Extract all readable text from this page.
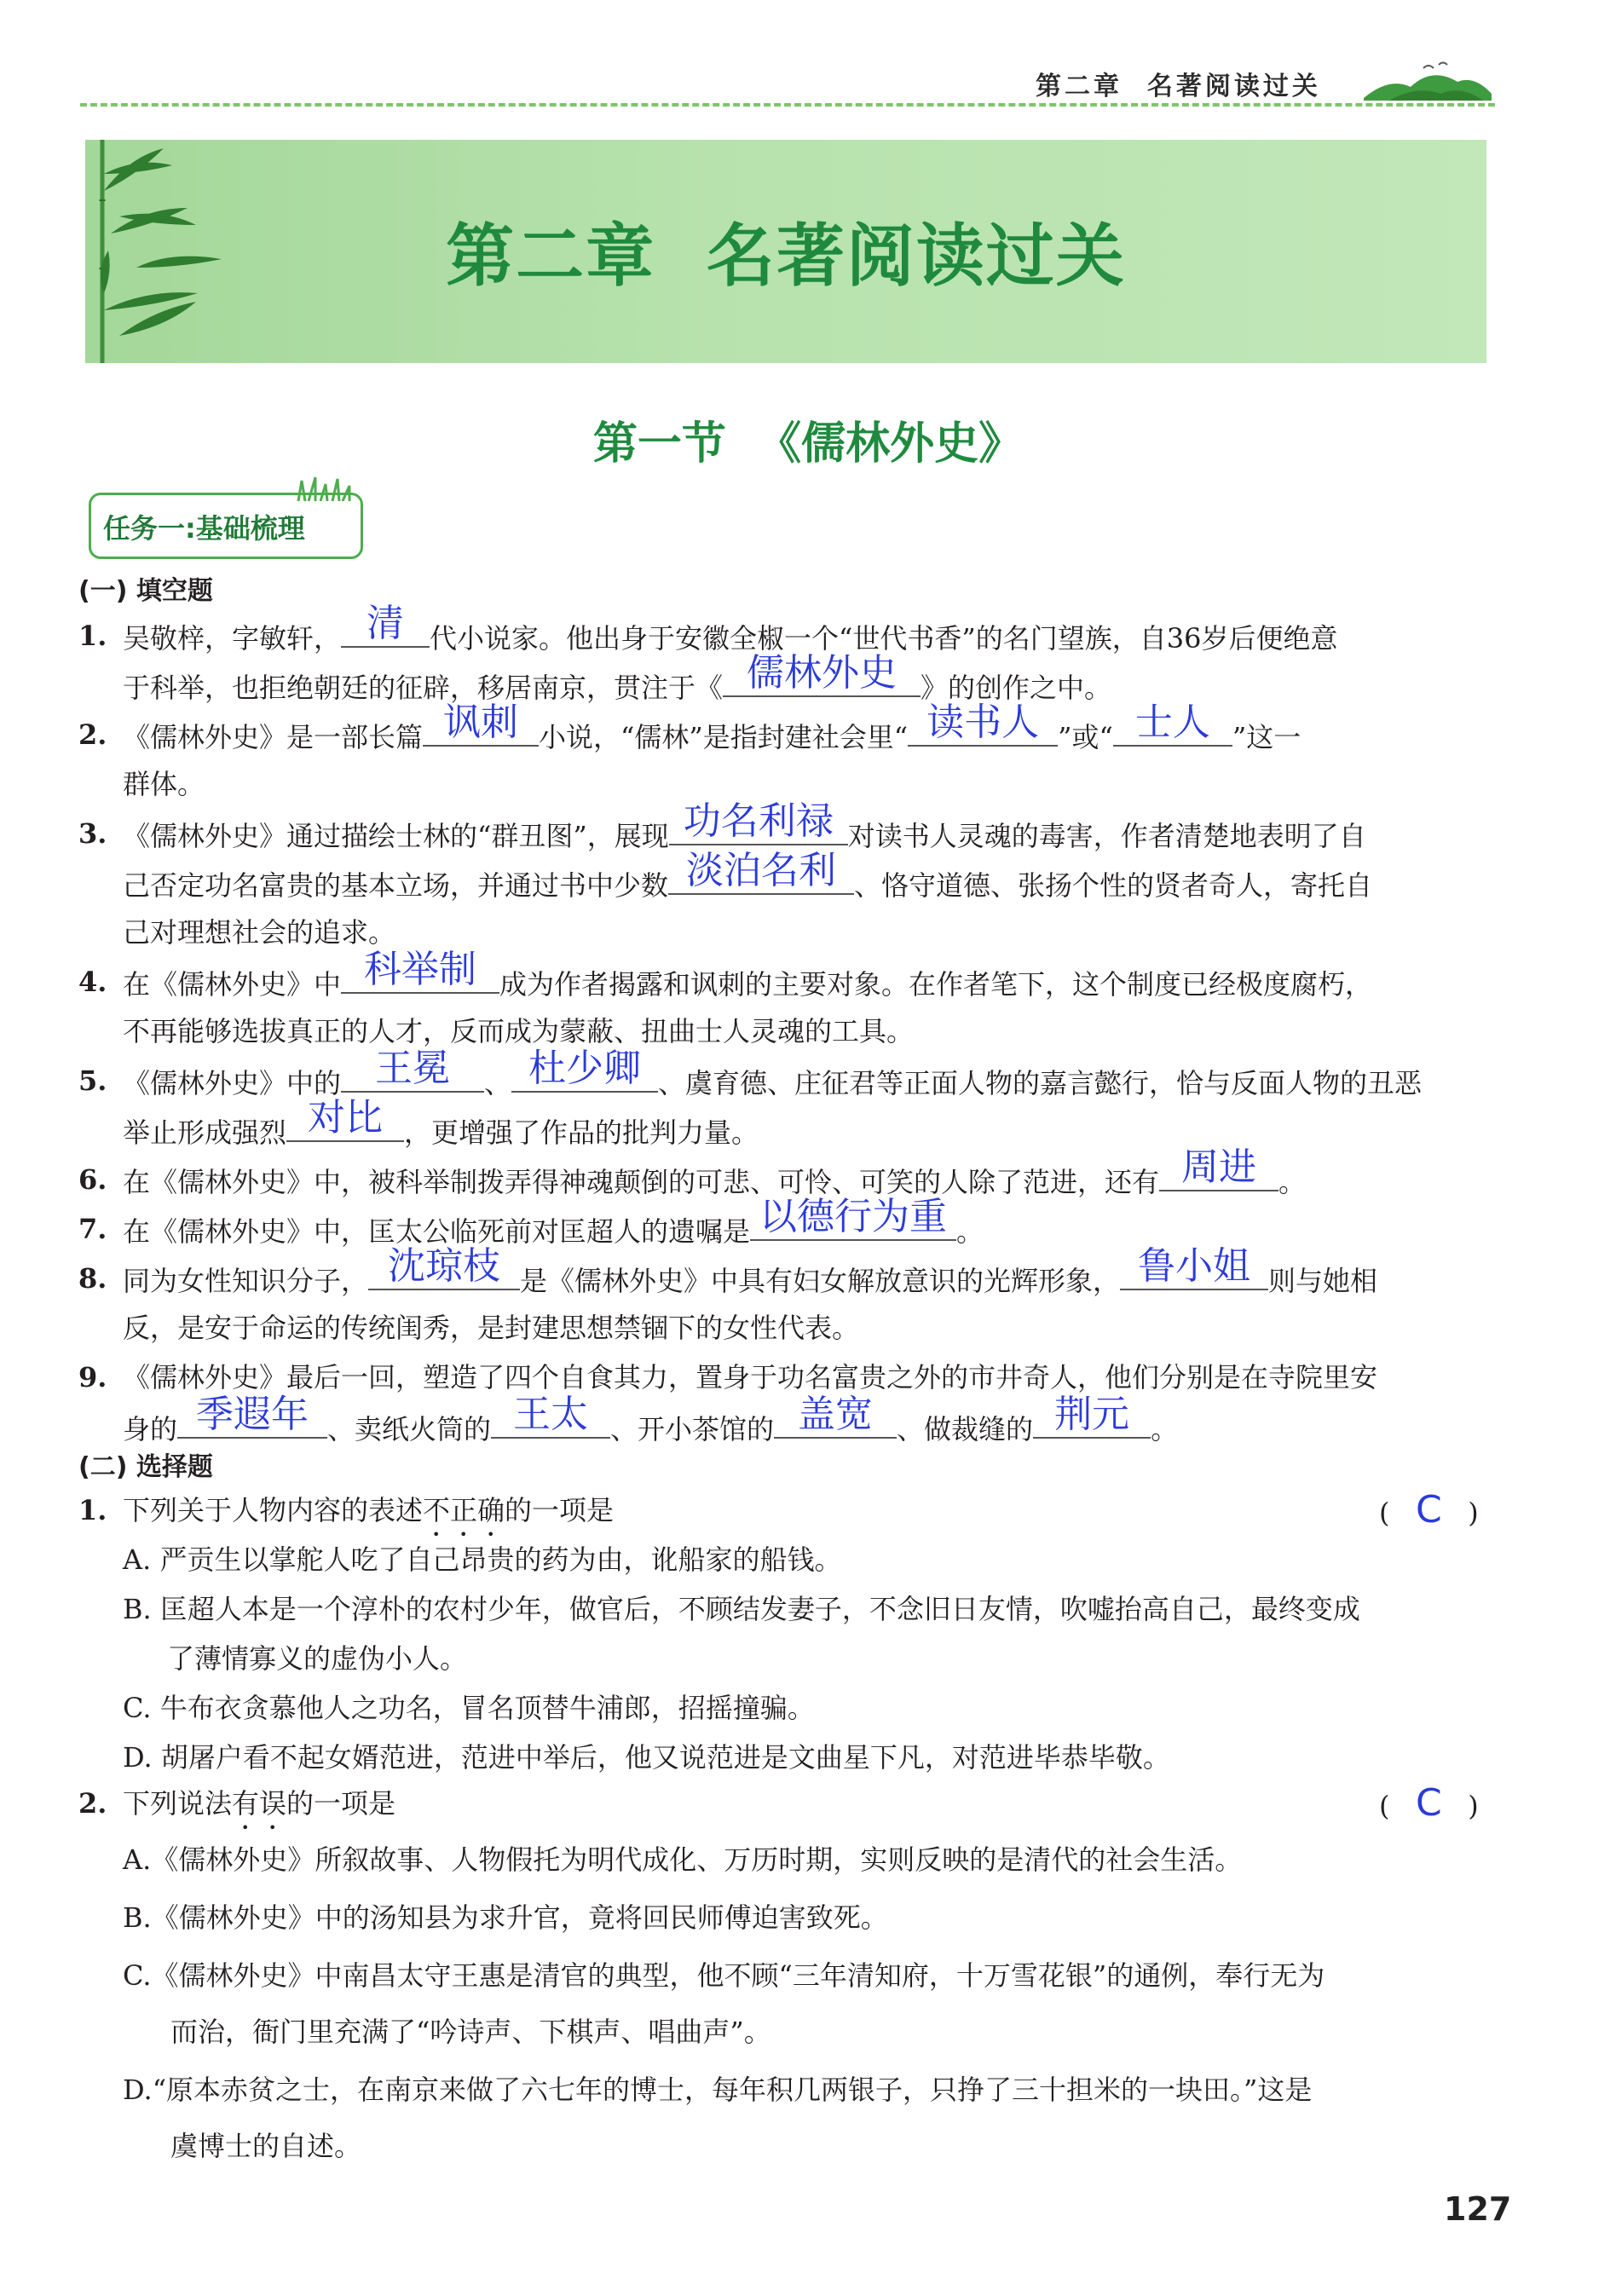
第二章  名著阅读过关
第二章  名著阅读过关
第一节  《儒林外史》
任务一:基础梳理
(一) 填空题
1. 吴敬梓，字敏轩， 清 代小说家。他出身于安徽全椒一个“世代书香”的名门望族，自36岁后便绝意
于科举，也拒绝朝廷的征辟，移居南京，贯注于《 儒林外史 》的创作之中。
2. 《儒林外史》是一部长篇 讽刺 小说，“儒林”是指封建社会里“ 读书人 ”或“ 士人 ”这一
群体。
3. 《儒林外史》通过描绘士林的“群丑图”，展现 功名利禄 对读书人灵魂的毒害，作者清楚地表明了自
己否定功名富贵的基本立场，并通过书中少数 淡泊名利 、恪守道德、张扬个性的贤者奇人，寄托自
己对理想社会的追求。
4. 在《儒林外史》中 科举制 成为作者揭露和讽刺的主要对象。在作者笔下，这个制度已经极度腐朽，
不再能够选拔真正的人才，反而成为蒙蔽、扭曲士人灵魂的工具。
5. 《儒林外史》中的 王冕	、 杜少卿 、虞育德、庄征君等正面人物的嘉言懿行，恰与反面人物的丑恶
举止形成强烈 对比 ，更增强了作品的批判力量。
6. 在《儒林外史》中，被科举制拨弄得神魂颠倒的可悲、可怜、可笑的人除了范进，还有 周进 。
7. 在《儒林外史》中，匡太公临死前对匡超人的遗嘱是 以德行为重 。
8. 同为女性知识分子， 沈琼枝 是《儒林外史》中具有妇女解放意识的光辉形象， 鲁小姐 则与她相
反，是安于命运的传统闺秀，是封建思想禁锢下的女性代表。
9. 《儒林外史》最后一回，塑造了四个自食其力，置身于功名富贵之外的市井奇人，他们分别是在寺院里安
身的 季遐年 、卖纸火筒的 王太 、开小茶馆的 盖宽 、做裁缝的 荆元 。
(二) 选择题
1. 下列关于人物内容的表述不正确的一项是	( C )
A. 严贡生以掌舵人吃了自己昂贵的药为由，讹船家的船钱。
B. 匡超人本是一个淳朴的农村少年，做官后，不顾结发妻子，不念旧日友情，吹嘘抬高自己，最终变成
了薄情寡义的虚伪小人。
C. 牛布衣贪慕他人之功名，冒名顶替牛浦郎，招摇撞骗。
D. 胡屠户看不起女婿范进，范进中举后，他又说范进是文曲星下凡，对范进毕恭毕敬。
2. 下列说法有误的一项是	( C )
A.《儒林外史》所叙故事、人物假托为明代成化、万历时期，实则反映的是清代的社会生活。
B.《儒林外史》中的汤知县为求升官，竟将回民师傅迫害致死。
C.《儒林外史》中南昌太守王惠是清官的典型，他不顾“三年清知府，十万雪花银”的通例，奉行无为
而治，衙门里充满了“吟诗声、下棋声、唱曲声”。
D.“原本赤贫之士，在南京来做了六七年的博士，每年积几两银子，只挣了三十担米的一块田。”这是
虞博士的自述。
127
